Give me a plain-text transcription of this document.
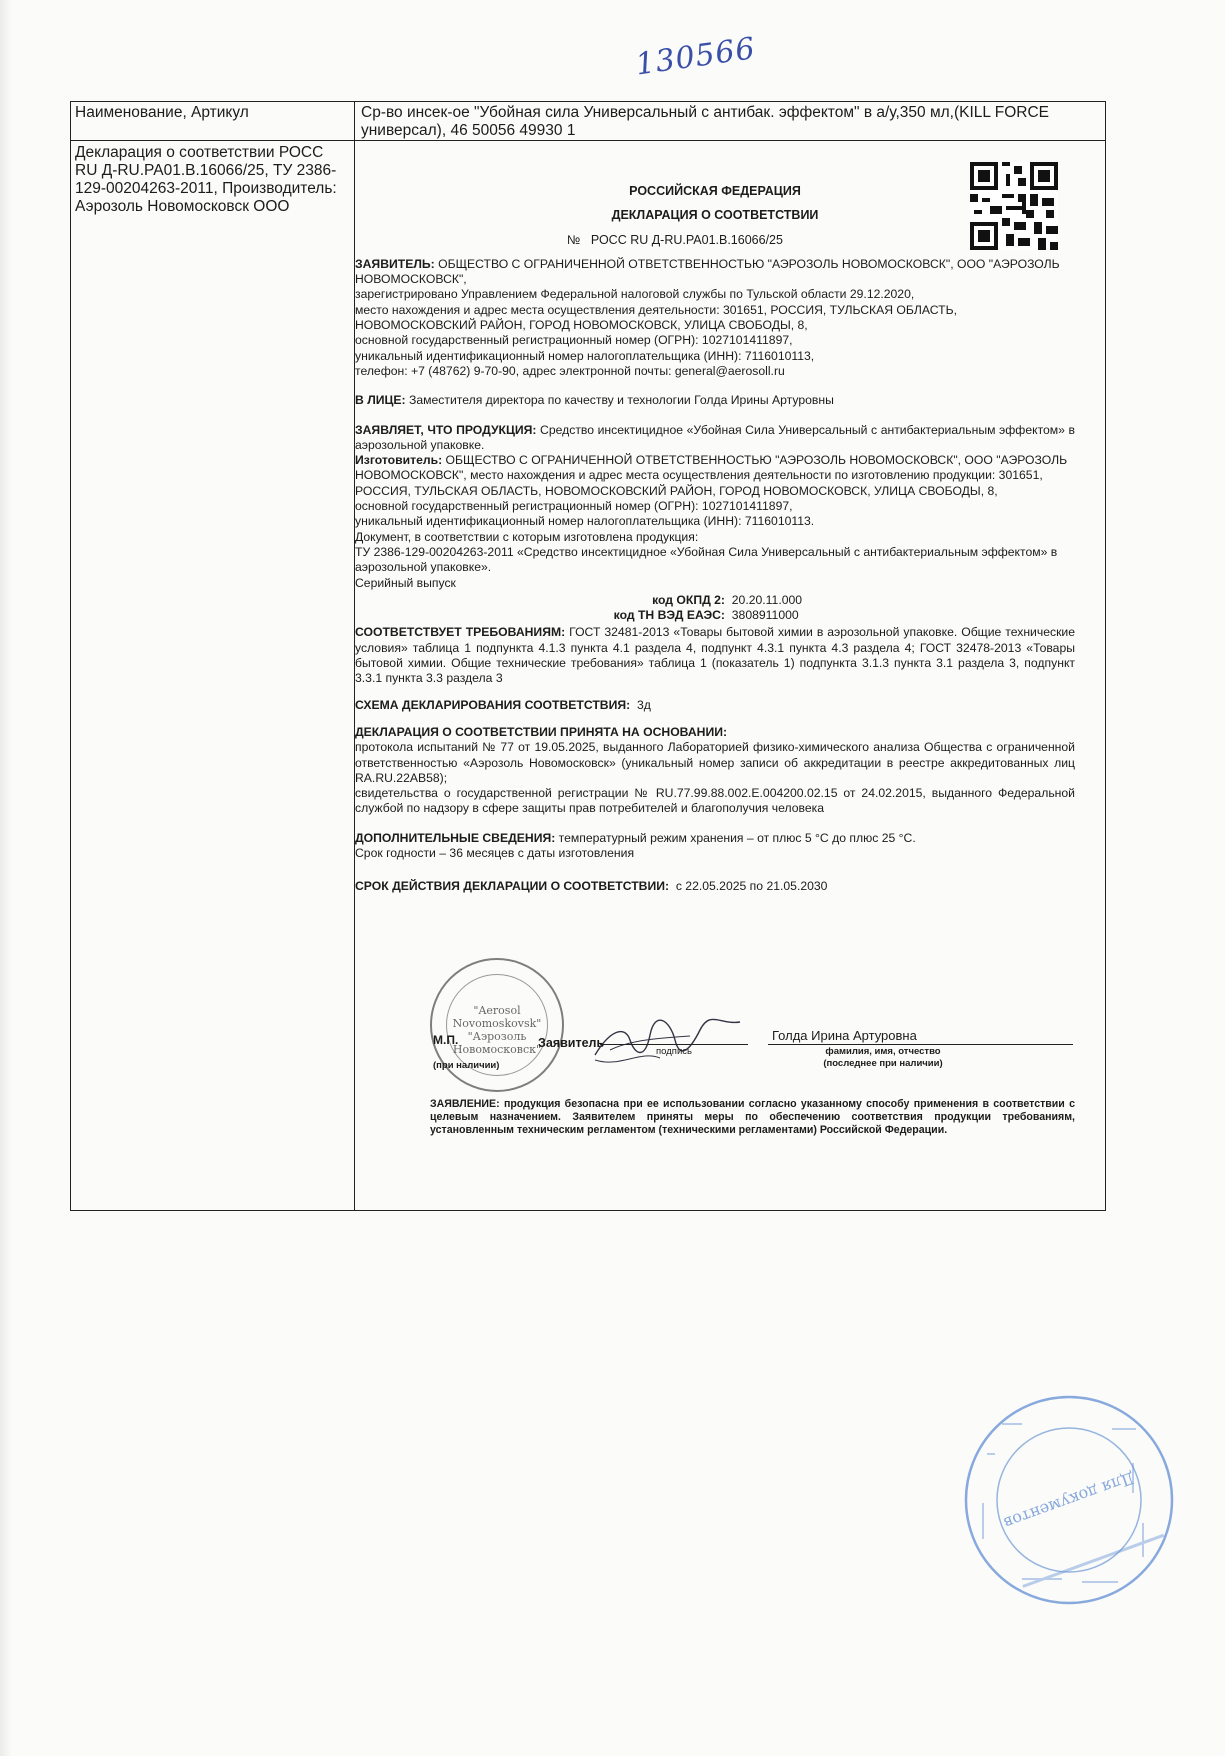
130566
Наименование, Артикул	Ср-во инсек-ое "Убойная сила Универсальный с антибак. эффектом" в а/у,350 мл,(KILL FORCE универсал), 46 50056 49930 1
Декларация о соответствии РОСС RU Д-RU.PA01.B.16066/25, ТУ 2386-129-00204263-2011, Производитель: Аэрозоль Новомосковск ООО

РОССИЙСКАЯ ФЕДЕРАЦИЯ

ДЕКЛАРАЦИЯ О СООТВЕТСТВИИ

№ РОСС RU Д-RU.PA01.B.16066/25

ЗАЯВИТЕЛЬ: ОБЩЕСТВО С ОГРАНИЧЕННОЙ ОТВЕТСТВЕННОСТЬЮ "АЭРОЗОЛЬ НОВОМОСКОВСК", ООО "АЭРОЗОЛЬ НОВОМОСКОВСК",

зарегистрировано Управлением Федеральной налоговой службы по Тульской области 29.12.2020,

место нахождения и адрес места осуществления деятельности: 301651, РОССИЯ, ТУЛЬСКАЯ ОБЛАСТЬ, НОВОМОСКОВСКИЙ РАЙОН, ГОРОД НОВОМОСКОВСК, УЛИЦА СВОБОДЫ, 8,

основной государственный регистрационный номер (ОГРН): 1027101411897,

уникальный идентификационный номер налогоплательщика (ИНН): 7116010113,

телефон: +7 (48762) 9-70-90, адрес электронной почты: general@aerosoll.ru

В ЛИЦЕ: Заместителя директора по качеству и технологии Голда Ирины Артуровны

ЗАЯВЛЯЕТ, ЧТО ПРОДУКЦИЯ: Средство инсектицидное «Убойная Сила Универсальный с антибактериальным эффектом» в аэрозольной упаковке.

Изготовитель: ОБЩЕСТВО С ОГРАНИЧЕННОЙ ОТВЕТСТВЕННОСТЬЮ "АЭРОЗОЛЬ НОВОМОСКОВСК", ООО "АЭРОЗОЛЬ НОВОМОСКОВСК", место нахождения и адрес места осуществления деятельности по изготовлению продукции: 301651, РОССИЯ, ТУЛЬСКАЯ ОБЛАСТЬ, НОВОМОСКОВСКИЙ РАЙОН, ГОРОД НОВОМОСКОВСК, УЛИЦА СВОБОДЫ, 8,

основной государственный регистрационный номер (ОГРН): 1027101411897,

уникальный идентификационный номер налогоплательщика (ИНН): 7116010113.

Документ, в соответствии с которым изготовлена продукция:

ТУ 2386-129-00204263-2011 «Средство инсектицидное «Убойная Сила Универсальный с антибактериальным эффектом» в аэрозольной упаковке».

Серийный выпуск

код ОКПД 2: 20.20.11.000

код ТН ВЭД ЕАЭС: 3808911000

СООТВЕТСТВУЕТ ТРЕБОВАНИЯМ: ГОСТ 32481-2013 «Товары бытовой химии в аэрозольной упаковке. Общие технические условия» таблица 1 подпункта 4.1.3 пункта 4.1 раздела 4, подпункт 4.3.1 пункта 4.3 раздела 4; ГОСТ 32478-2013 «Товары бытовой химии. Общие технические требования» таблица 1 (показатель 1) подпункта 3.1.3 пункта 3.1 раздела 3, подпункт 3.3.1 пункта 3.3 раздела 3

СХЕМА ДЕКЛАРИРОВАНИЯ СООТВЕТСТВИЯ: 3д

ДЕКЛАРАЦИЯ О СООТВЕТСТВИИ ПРИНЯТА НА ОСНОВАНИИ:

протокола испытаний № 77 от 19.05.2025, выданного Лабораторией физико-химического анализа Общества с ограниченной ответственностью «Аэрозоль Новомосковск» (уникальный номер записи об аккредитации в реестре аккредитованных лиц RA.RU.22AB58);

свидетельства о государственной регистрации № RU.77.99.88.002.E.004200.02.15 от 24.02.2015, выданного Федеральной службой по надзору в сфере защиты прав потребителей и благополучия человека

ДОПОЛНИТЕЛЬНЫЕ СВЕДЕНИЯ: температурный режим хранения – от плюс 5 °С до плюс 25 °С.

Срок годности – 36 месяцев с даты изготовления

СРОК ДЕЙСТВИЯ ДЕКЛАРАЦИИ О СООТВЕТСТВИИ: с 22.05.2025 по 21.05.2030

"Aerosol
Novomoskovsk"
"Аэрозоль
Новомосковск"
М.П.
(при наличии)
Заявитель
подпись
Голда Ирина Артуровна
фамилия, имя, отчество
(последнее при наличии)

ЗАЯВЛЕНИЕ: продукция безопасна при ее использовании согласно указанному способу применения в соответствии с целевым назначением. Заявителем приняты меры по обеспечению соответствия продукции требованиям, установленным техническим регламентом (техническими регламентами) Российской Федерации.

Для документов
